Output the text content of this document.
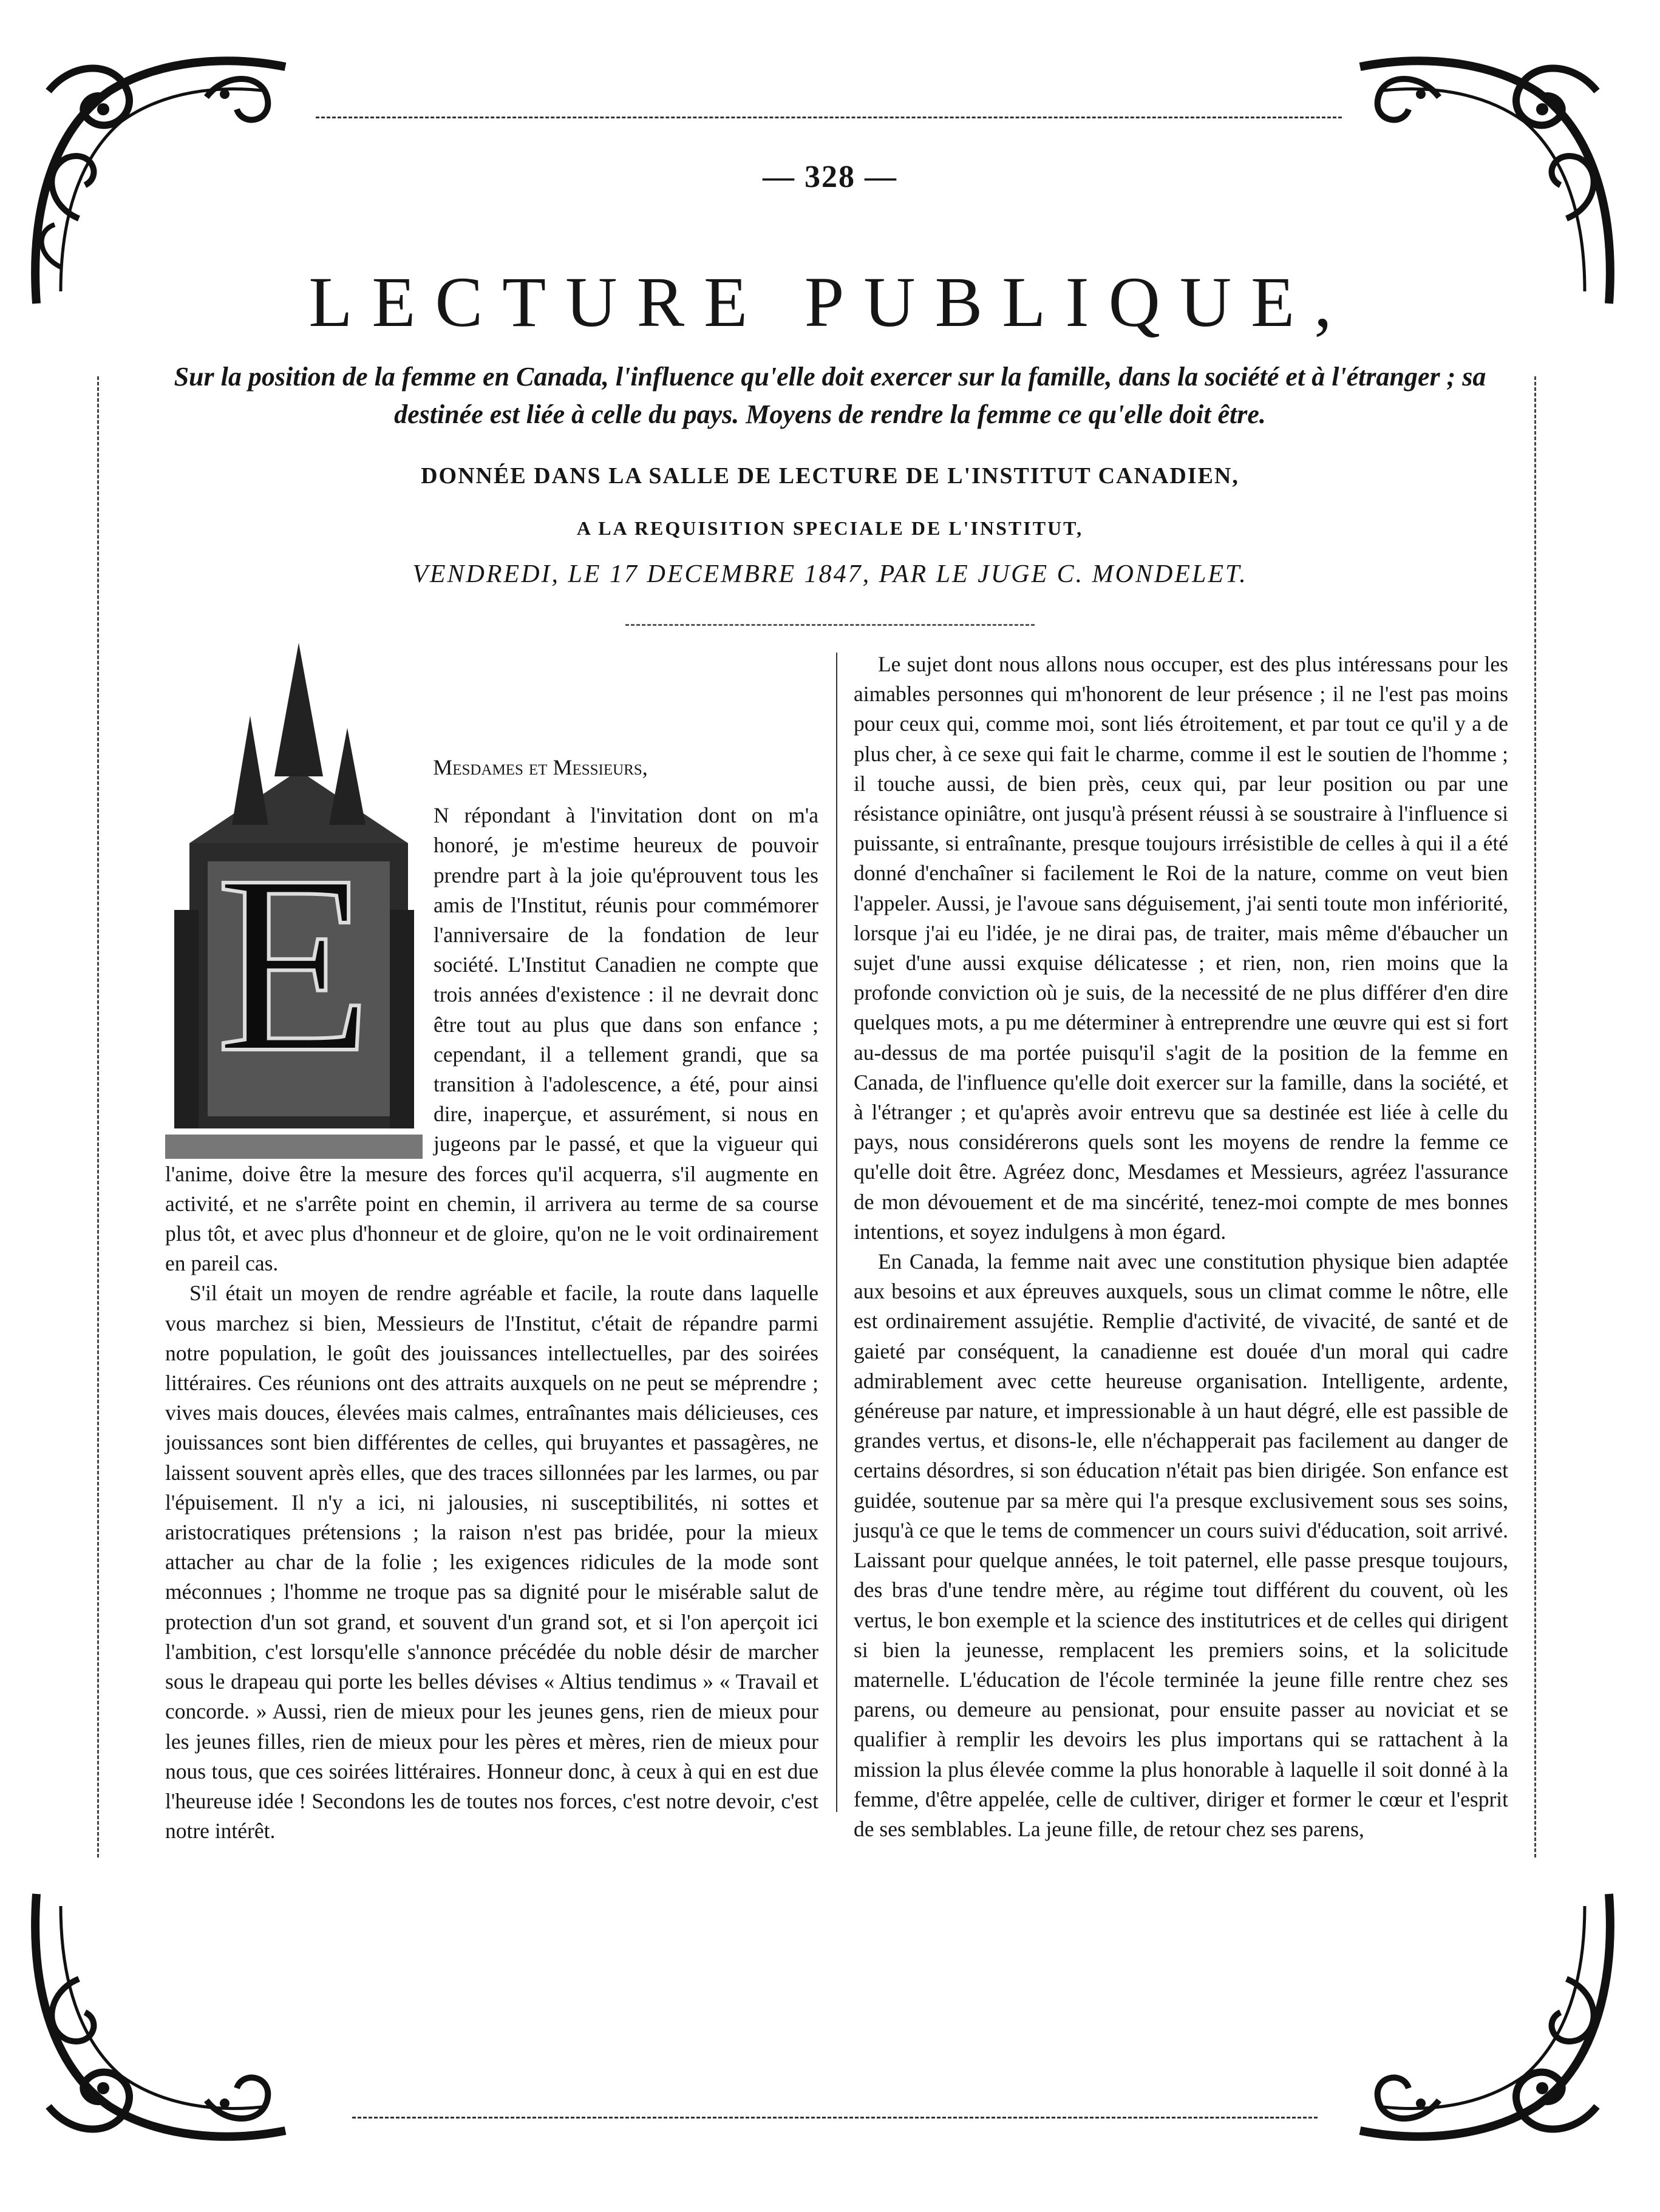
— 328 —
LECTURE PUBLIQUE,
Sur la position de la femme en Canada, l'influence qu'elle doit exercer sur la famille, dans la société et à l'étranger ; sa destinée est liée à celle du pays. Moyens de rendre la femme ce qu'elle doit être.
DONNÉE DANS LA SALLE DE LECTURE DE L'INSTITUT CANADIEN,
A LA REQUISITION SPECIALE DE L'INSTITUT,
VENDREDI, LE 17 DECEMBRE 1847, PAR LE JUGE C. MONDELET.
Mesdames et Messieurs,
E

N répondant à l'invitation dont on m'a honoré, je m'estime heureux de pouvoir prendre part à la joie qu'éprouvent tous les amis de l'Institut, réunis pour commémorer l'anniversaire de la fondation de leur société. L'Institut Canadien ne compte que trois années d'existence : il ne devrait donc être tout au plus que dans son enfance ; cependant, il a tellement grandi, que sa transition à l'adolescence, a été, pour ainsi dire, inaperçue, et assurément, si nous en jugeons par le passé, et que la vigueur qui l'anime, doive être la mesure des forces qu'il acquerra, s'il augmente en activité, et ne s'arrête point en chemin, il arrivera au terme de sa course plus tôt, et avec plus d'honneur et de gloire, qu'on ne le voit ordinairement en pareil cas.

S'il était un moyen de rendre agréable et facile, la route dans laquelle vous marchez si bien, Messieurs de l'Institut, c'était de répandre parmi notre population, le goût des jouissances intellectuelles, par des soirées littéraires. Ces réunions ont des attraits auxquels on ne peut se méprendre ; vives mais douces, élevées mais calmes, entraînantes mais délicieuses, ces jouissances sont bien différentes de celles, qui bruyantes et passagères, ne laissent souvent après elles, que des traces sillonnées par les larmes, ou par l'épuisement. Il n'y a ici, ni jalousies, ni susceptibilités, ni sottes et aristocratiques prétensions ; la raison n'est pas bridée, pour la mieux attacher au char de la folie ; les exigences ridicules de la mode sont méconnues ; l'homme ne troque pas sa dignité pour le misérable salut de protection d'un sot grand, et souvent d'un grand sot, et si l'on aperçoit ici l'ambition, c'est lorsqu'elle s'annonce précédée du noble désir de marcher sous le drapeau qui porte les belles dévises « Altius tendimus » « Travail et concorde. » Aussi, rien de mieux pour les jeunes gens, rien de mieux pour les jeunes filles, rien de mieux pour les pères et mères, rien de mieux pour nous tous, que ces soirées littéraires. Honneur donc, à ceux à qui en est due l'heureuse idée ! Secondons les de toutes nos forces, c'est notre devoir, c'est notre intérêt.

Le sujet dont nous allons nous occuper, est des plus intéressans pour les aimables personnes qui m'honorent de leur présence ; il ne l'est pas moins pour ceux qui, comme moi, sont liés étroitement, et par tout ce qu'il y a de plus cher, à ce sexe qui fait le charme, comme il est le soutien de l'homme ; il touche aussi, de bien près, ceux qui, par leur position ou par une résistance opiniâtre, ont jusqu'à présent réussi à se soustraire à l'influence si puissante, si entraînante, presque toujours irrésistible de celles à qui il a été donné d'enchaîner si facilement le Roi de la nature, comme on veut bien l'appeler. Aussi, je l'avoue sans déguisement, j'ai senti toute mon infériorité, lorsque j'ai eu l'idée, je ne dirai pas, de traiter, mais même d'ébaucher un sujet d'une aussi exquise délicatesse ; et rien, non, rien moins que la profonde conviction où je suis, de la necessité de ne plus différer d'en dire quelques mots, a pu me déterminer à entreprendre une œuvre qui est si fort au-dessus de ma portée puisqu'il s'agit de la position de la femme en Canada, de l'influence qu'elle doit exercer sur la famille, dans la société, et à l'étranger ; et qu'après avoir entrevu que sa destinée est liée à celle du pays, nous considérerons quels sont les moyens de rendre la femme ce qu'elle doit être. Agréez donc, Mesdames et Messieurs, agréez l'assurance de mon dévouement et de ma sincérité, tenez-moi compte de mes bonnes intentions, et soyez indulgens à mon égard.

En Canada, la femme nait avec une constitution physique bien adaptée aux besoins et aux épreuves auxquels, sous un climat comme le nôtre, elle est ordinairement assujétie. Remplie d'activité, de vivacité, de santé et de gaieté par conséquent, la canadienne est douée d'un moral qui cadre admirablement avec cette heureuse organisation. Intelligente, ardente, généreuse par nature, et impressionable à un haut dégré, elle est passible de grandes vertus, et disons-le, elle n'échapperait pas facilement au danger de certains désordres, si son éducation n'était pas bien dirigée. Son enfance est guidée, soutenue par sa mère qui l'a presque exclusivement sous ses soins, jusqu'à ce que le tems de commencer un cours suivi d'éducation, soit arrivé. Laissant pour quelque années, le toit paternel, elle passe presque toujours, des bras d'une tendre mère, au régime tout différent du couvent, où les vertus, le bon exemple et la science des institutrices et de celles qui dirigent si bien la jeunesse, remplacent les premiers soins, et la solicitude maternelle. L'éducation de l'école terminée la jeune fille rentre chez ses parens, ou demeure au pensionat, pour ensuite passer au noviciat et se qualifier à remplir les devoirs les plus importans qui se rattachent à la mission la plus élevée comme la plus honorable à laquelle il soit donné à la femme, d'être appelée, celle de cultiver, diriger et former le cœur et l'esprit de ses semblables. La jeune fille, de retour chez ses parens,
